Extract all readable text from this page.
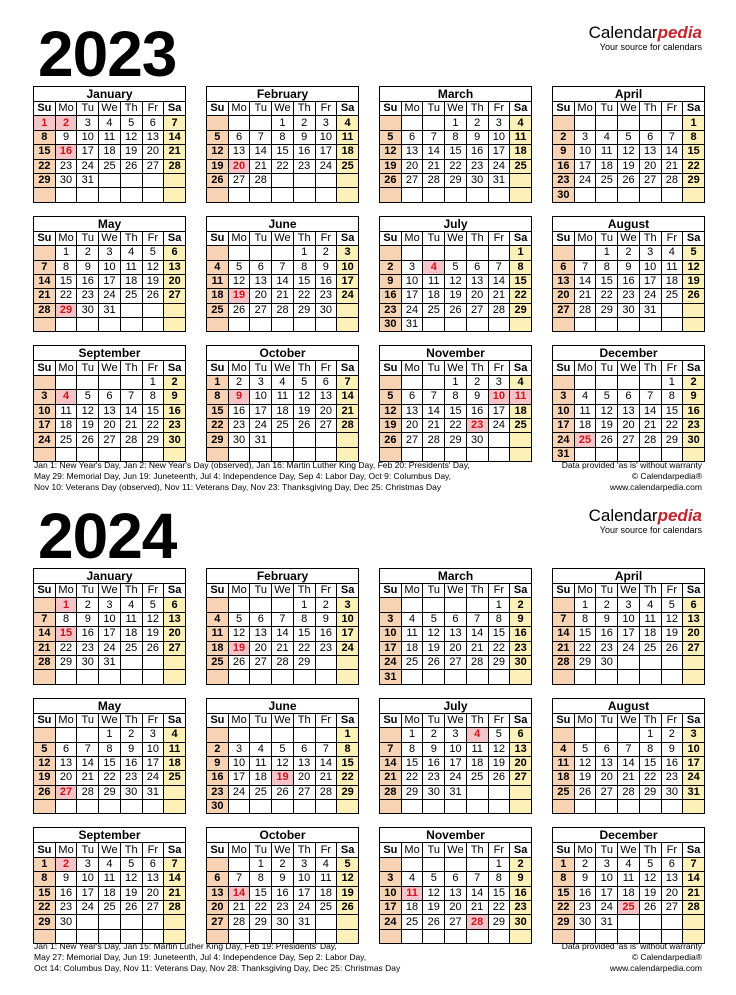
2023	Calendarpedia
Your source for calendars
January
Su	Mo	Tu	We	Th	Fr	Sa
1	2	3	4	5	6	7
8	9	10	11	12	13	14
15	16	17	18	19	20	21
22	23	24	25	26	27	28
29	30	31				

February
Su	Mo	Tu	We	Th	Fr	Sa
			1	2	3	4
5	6	7	8	9	10	11
12	13	14	15	16	17	18
19	20	21	22	23	24	25
26	27	28				

March
Su	Mo	Tu	We	Th	Fr	Sa
			1	2	3	4
5	6	7	8	9	10	11
12	13	14	15	16	17	18
19	20	21	22	23	24	25
26	27	28	29	30	31	

April
Su	Mo	Tu	We	Th	Fr	Sa
						1
2	3	4	5	6	7	8
9	10	11	12	13	14	15
16	17	18	19	20	21	22
23	24	25	26	27	28	29
30						
May
Su	Mo	Tu	We	Th	Fr	Sa
	1	2	3	4	5	6
7	8	9	10	11	12	13
14	15	16	17	18	19	20
21	22	23	24	25	26	27
28	29	30	31			

June
Su	Mo	Tu	We	Th	Fr	Sa
				1	2	3
4	5	6	7	8	9	10
11	12	13	14	15	16	17
18	19	20	21	22	23	24
25	26	27	28	29	30	

July
Su	Mo	Tu	We	Th	Fr	Sa
						1
2	3	4	5	6	7	8
9	10	11	12	13	14	15
16	17	18	19	20	21	22
23	24	25	26	27	28	29
30	31					
August
Su	Mo	Tu	We	Th	Fr	Sa
		1	2	3	4	5
6	7	8	9	10	11	12
13	14	15	16	17	18	19
20	21	22	23	24	25	26
27	28	29	30	31		

September
Su	Mo	Tu	We	Th	Fr	Sa
					1	2
3	4	5	6	7	8	9
10	11	12	13	14	15	16
17	18	19	20	21	22	23
24	25	26	27	28	29	30

October
Su	Mo	Tu	We	Th	Fr	Sa
1	2	3	4	5	6	7
8	9	10	11	12	13	14
15	16	17	18	19	20	21
22	23	24	25	26	27	28
29	30	31				

November
Su	Mo	Tu	We	Th	Fr	Sa
			1	2	3	4
5	6	7	8	9	10	11
12	13	14	15	16	17	18
19	20	21	22	23	24	25
26	27	28	29	30		

December
Su	Mo	Tu	We	Th	Fr	Sa
					1	2
3	4	5	6	7	8	9
10	11	12	13	14	15	16
17	18	19	20	21	22	23
24	25	26	27	28	29	30
31						
Jan 1: New Year's Day, Jan 2: New Year's Day (observed), Jan 16: Martin Luther King Day, Feb 20: Presidents' Day,
May 29: Memorial Day, Jun 19: Juneteenth, Jul 4: Independence Day, Sep 4: Labor Day, Oct 9: Columbus Day,
Nov 10: Veterans Day (observed), Nov 11: Veterans Day, Nov 23: Thanksgiving Day, Dec 25: Christmas Day
Data provided 'as is' without warranty
© Calendarpedia®
www.calendarpedia.com
2024	Calendarpedia
Your source for calendars
January
Su	Mo	Tu	We	Th	Fr	Sa
	1	2	3	4	5	6
7	8	9	10	11	12	13
14	15	16	17	18	19	20
21	22	23	24	25	26	27
28	29	30	31			

February
Su	Mo	Tu	We	Th	Fr	Sa
				1	2	3
4	5	6	7	8	9	10
11	12	13	14	15	16	17
18	19	20	21	22	23	24
25	26	27	28	29		

March
Su	Mo	Tu	We	Th	Fr	Sa
					1	2
3	4	5	6	7	8	9
10	11	12	13	14	15	16
17	18	19	20	21	22	23
24	25	26	27	28	29	30
31						
April
Su	Mo	Tu	We	Th	Fr	Sa
	1	2	3	4	5	6
7	8	9	10	11	12	13
14	15	16	17	18	19	20
21	22	23	24	25	26	27
28	29	30				

May
Su	Mo	Tu	We	Th	Fr	Sa
			1	2	3	4
5	6	7	8	9	10	11
12	13	14	15	16	17	18
19	20	21	22	23	24	25
26	27	28	29	30	31	

June
Su	Mo	Tu	We	Th	Fr	Sa
						1
2	3	4	5	6	7	8
9	10	11	12	13	14	15
16	17	18	19	20	21	22
23	24	25	26	27	28	29
30						
July
Su	Mo	Tu	We	Th	Fr	Sa
	1	2	3	4	5	6
7	8	9	10	11	12	13
14	15	16	17	18	19	20
21	22	23	24	25	26	27
28	29	30	31			

August
Su	Mo	Tu	We	Th	Fr	Sa
				1	2	3
4	5	6	7	8	9	10
11	12	13	14	15	16	17
18	19	20	21	22	23	24
25	26	27	28	29	30	31

September
Su	Mo	Tu	We	Th	Fr	Sa
1	2	3	4	5	6	7
8	9	10	11	12	13	14
15	16	17	18	19	20	21
22	23	24	25	26	27	28
29	30					

October
Su	Mo	Tu	We	Th	Fr	Sa
		1	2	3	4	5
6	7	8	9	10	11	12
13	14	15	16	17	18	19
20	21	22	23	24	25	26
27	28	29	30	31		

November
Su	Mo	Tu	We	Th	Fr	Sa
					1	2
3	4	5	6	7	8	9
10	11	12	13	14	15	16
17	18	19	20	21	22	23
24	25	26	27	28	29	30

December
Su	Mo	Tu	We	Th	Fr	Sa
1	2	3	4	5	6	7
8	9	10	11	12	13	14
15	16	17	18	19	20	21
22	23	24	25	26	27	28
29	30	31				

Jan 1: New Year's Day, Jan 15: Martin Luther King Day, Feb 19: Presidents' Day,
May 27: Memorial Day, Jun 19: Juneteenth, Jul 4: Independence Day, Sep 2: Labor Day,
Oct 14: Columbus Day, Nov 11: Veterans Day, Nov 28: Thanksgiving Day, Dec 25: Christmas Day
Data provided 'as is' without warranty
© Calendarpedia®
www.calendarpedia.com
